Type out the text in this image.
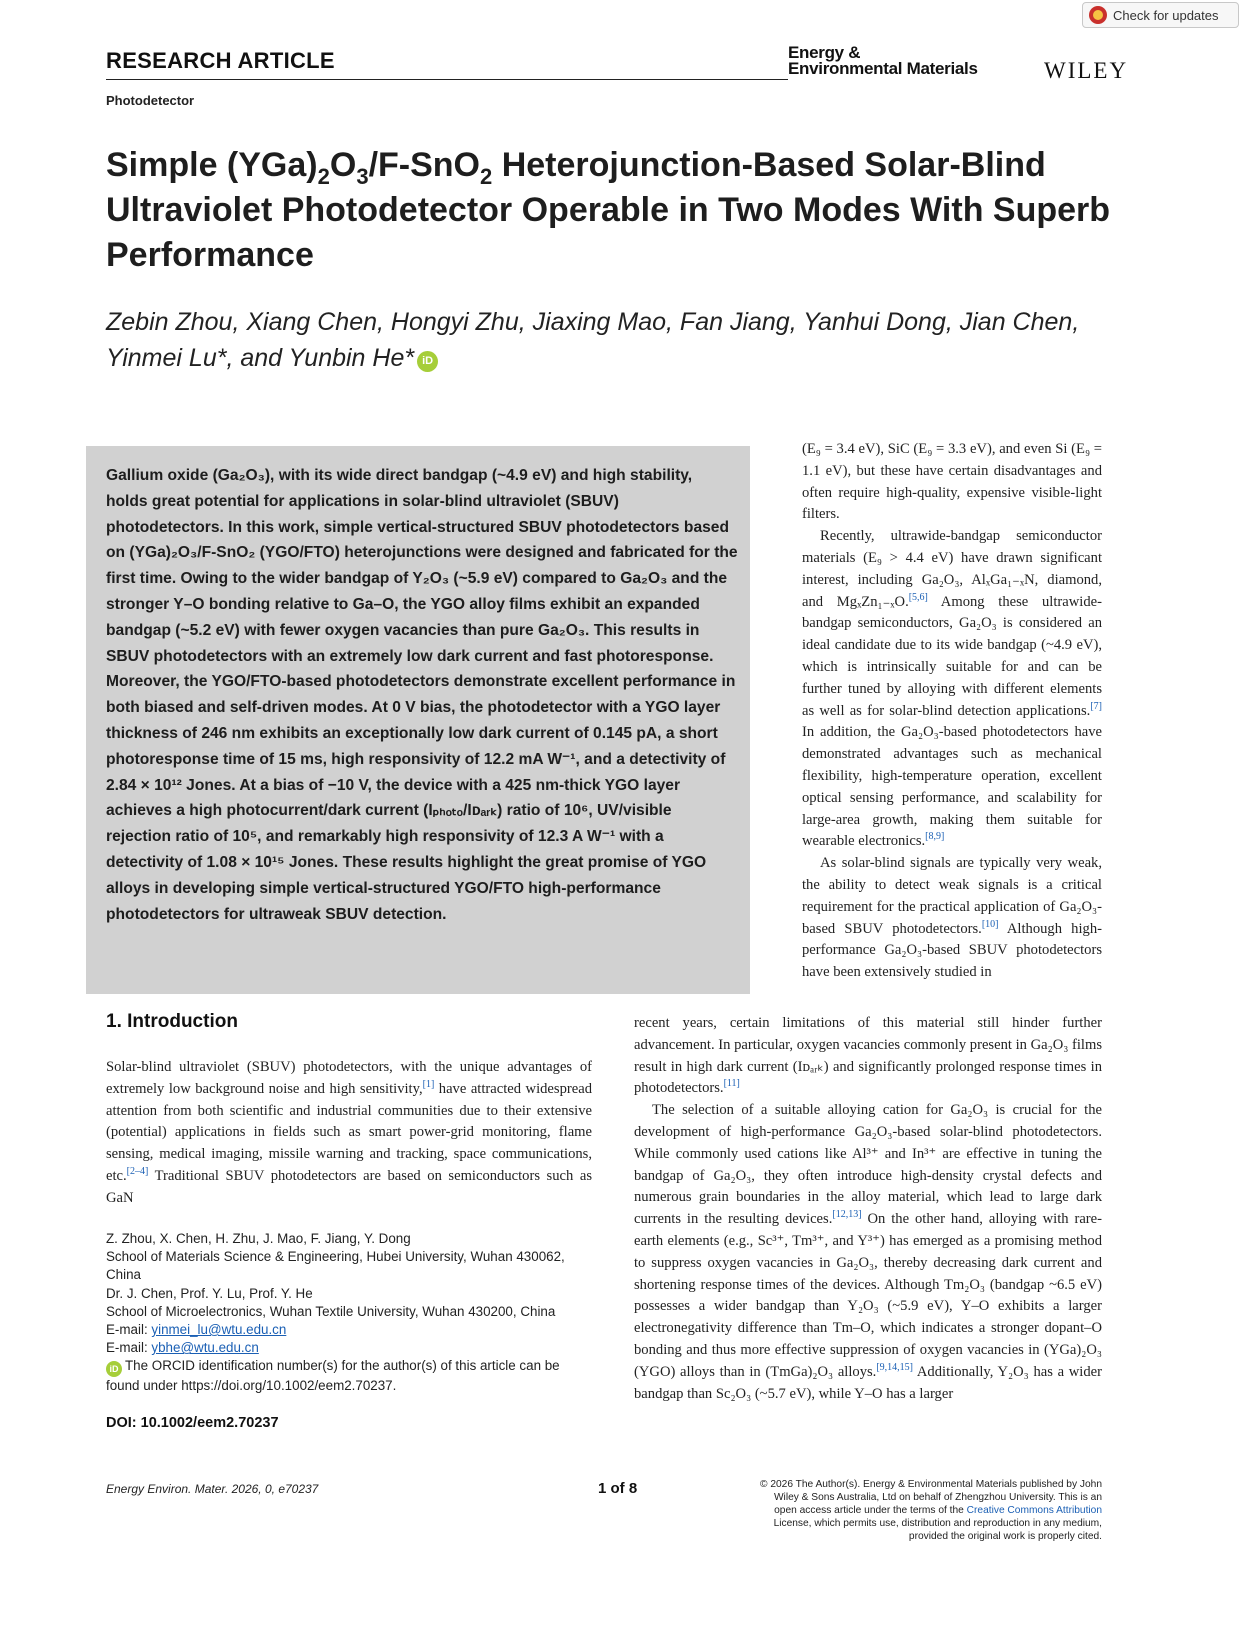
Check for updates
RESEARCH ARTICLE	Energy &
Environmental Materials	WILEY
Photodetector
Simple $(YGa)_2O_3/F-SnO_2$ Heterojunction-Based Solar-Blind Ultraviolet Photodetector Operable in Two Modes With Superb Performance
Zebin Zhou, Xiang Chen, Hongyi Zhu, Jiaxing Mao, Fan Jiang, Yanhui Dong, Jian Chen,
Yinmei Lu*, and Yunbin He* iD
Gallium oxide (Ga₂O₃), with its wide direct bandgap (~4.9 eV) and high stability, holds great potential for applications in solar-blind ultraviolet (SBUV) photodetectors. In this work, simple vertical-structured SBUV photodetectors based on (YGa)₂O₃/F-SnO₂ (YGO/FTO) heterojunctions were designed and fabricated for the first time. Owing to the wider bandgap of Y₂O₃ (~5.9 eV) compared to Ga₂O₃ and the stronger Y–O bonding relative to Ga–O, the YGO alloy films exhibit an expanded bandgap (~5.2 eV) with fewer oxygen vacancies than pure Ga₂O₃. This results in SBUV photodetectors with an extremely low dark current and fast photoresponse. Moreover, the YGO/FTO-based photodetectors demonstrate excellent performance in both biased and self-driven modes. At 0 V bias, the photodetector with a YGO layer thickness of 246 nm exhibits an exceptionally low dark current of 0.145 pA, a short photoresponse time of 15 ms, high responsivity of 12.2 mA W⁻¹, and a detectivity of 2.84 × 10¹² Jones. At a bias of −10 V, the device with a 425 nm-thick YGO layer achieves a high photocurrent/dark current (Iₚₕₒₜₒ/Iᴅₐᵣₖ) ratio of 10⁶, UV/visible rejection ratio of 10⁵, and remarkably high responsivity of 12.3 A W⁻¹ with a detectivity of 1.08 × 10¹⁵ Jones. These results highlight the great promise of YGO alloys in developing simple vertical-structured YGO/FTO high-performance photodetectors for ultraweak SBUV detection.

(E₉ = 3.4 eV), SiC (E₉ = 3.3 eV), and even Si (E₉ = 1.1 eV), but these have certain disadvantages and often require high-quality, expensive visible-light filters.

Recently, ultrawide-bandgap semiconductor materials (E₉ > 4.4 eV) have drawn significant interest, including Ga₂O₃, AlₓGa₁₋ₓN, diamond, and MgₓZn₁₋ₓO.[5,6] Among these ultrawide-bandgap semiconductors, Ga₂O₃ is considered an ideal candidate due to its wide bandgap (~4.9 eV), which is intrinsically suitable for and can be further tuned by alloying with different elements as well as for solar-blind detection applications.[7] In addition, the Ga₂O₃-based photodetectors have demonstrated advantages such as mechanical flexibility, high-temperature operation, excellent optical sensing performance, and scalability for large-area growth, making them suitable for wearable electronics.[8,9]

As solar-blind signals are typically very weak, the ability to detect weak signals is a critical requirement for the practical application of Ga₂O₃-based SBUV photodetectors.[10] Although high-performance Ga₂O₃-based SBUV photodetectors have been extensively studied in

1. Introduction
Solar-blind ultraviolet (SBUV) photodetectors, with the unique advantages of extremely low background noise and high sensitivity,[1] have attracted widespread attention from both scientific and industrial communities due to their extensive (potential) applications in fields such as smart power-grid monitoring, flame sensing, medical imaging, missile warning and tracking, space communications, etc.[2–4] Traditional SBUV photodetectors are based on semiconductors such as GaN

recent years, certain limitations of this material still hinder further advancement. In particular, oxygen vacancies commonly present in Ga₂O₃ films result in high dark current (Iᴅₐᵣₖ) and significantly prolonged response times in photodetectors.[11]

The selection of a suitable alloying cation for Ga₂O₃ is crucial for the development of high-performance Ga₂O₃-based solar-blind photodetectors. While commonly used cations like Al³⁺ and In³⁺ are effective in tuning the bandgap of Ga₂O₃, they often introduce high-density crystal defects and numerous grain boundaries in the alloy material, which lead to large dark currents in the resulting devices.[12,13] On the other hand, alloying with rare-earth elements (e.g., Sc³⁺, Tm³⁺, and Y³⁺) has emerged as a promising method to suppress oxygen vacancies in Ga₂O₃, thereby decreasing dark current and shortening response times of the devices. Although Tm₂O₃ (bandgap ~6.5 eV) possesses a wider bandgap than Y₂O₃ (~5.9 eV), Y–O exhibits a larger electronegativity difference than Tm–O, which indicates a stronger dopant–O bonding and thus more effective suppression of oxygen vacancies in (YGa)₂O₃ (YGO) alloys than in (TmGa)₂O₃ alloys.[9,14,15] Additionally, Y₂O₃ has a wider bandgap than Sc₂O₃ (~5.7 eV), while Y–O has a larger

Z. Zhou, X. Chen, H. Zhu, J. Mao, F. Jiang, Y. Dong
School of Materials Science & Engineering, Hubei University, Wuhan 430062, China
Dr. J. Chen, Prof. Y. Lu, Prof. Y. He
School of Microelectronics, Wuhan Textile University, Wuhan 430200, China
E-mail: yinmei_lu@wtu.edu.cn
E-mail: ybhe@wtu.edu.cn
iD The ORCID identification number(s) for the author(s) of this article can be found under https://doi.org/10.1002/eem2.70237.
DOI: 10.1002/eem2.70237
Energy Environ. Mater. 2026, 0, e70237	1 of 8	© 2026 The Author(s). Energy & Environmental Materials published by John Wiley & Sons Australia, Ltd on behalf of Zhengzhou University. This is an open access article under the terms of the Creative Commons Attribution License, which permits use, distribution and reproduction in any medium, provided the original work is properly cited.
